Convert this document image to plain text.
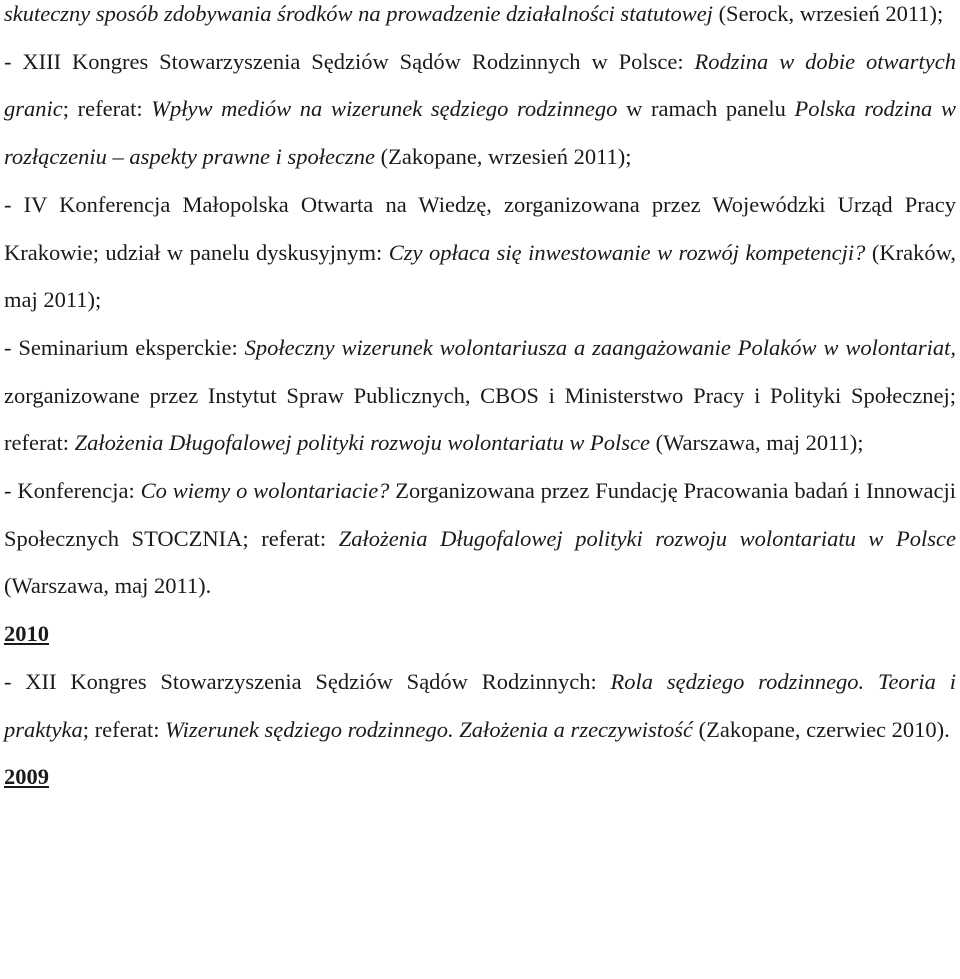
skuteczny sposób zdobywania środków na prowadzenie działalności statutowej (Serock, wrzesień 2011);

- XIII Kongres Stowarzyszenia Sędziów Sądów Rodzinnych w Polsce: Rodzina w dobie otwartych granic; referat: Wpływ mediów na wizerunek sędziego rodzinnego w ramach panelu Polska rodzina w rozłączeniu – aspekty prawne i społeczne (Zakopane, wrzesień 2011);

- IV Konferencja Małopolska Otwarta na Wiedzę, zorganizowana przez Wojewódzki Urząd Pracy Krakowie; udział w panelu dyskusyjnym: Czy opłaca się inwestowanie w rozwój kompetencji? (Kraków, maj 2011);

- Seminarium eksperckie: Społeczny wizerunek wolontariusza a zaangażowanie Polaków w wolontariat, zorganizowane przez Instytut Spraw Publicznych, CBOS i Ministerstwo Pracy i Polityki Społecznej; referat: Założenia Długofalowej polityki rozwoju wolontariatu w Polsce (Warszawa, maj 2011);

- Konferencja: Co wiemy o wolontariacie? Zorganizowana przez Fundację Pracowania badań i Innowacji Społecznych STOCZNIA; referat: Założenia Długofalowej polityki rozwoju wolontariatu w Polsce (Warszawa, maj 2011).

2010

- XII Kongres Stowarzyszenia Sędziów Sądów Rodzinnych: Rola sędziego rodzinnego. Teoria i praktyka; referat: Wizerunek sędziego rodzinnego. Założenia a rzeczywistość (Zakopane, czerwiec 2010).

2009
